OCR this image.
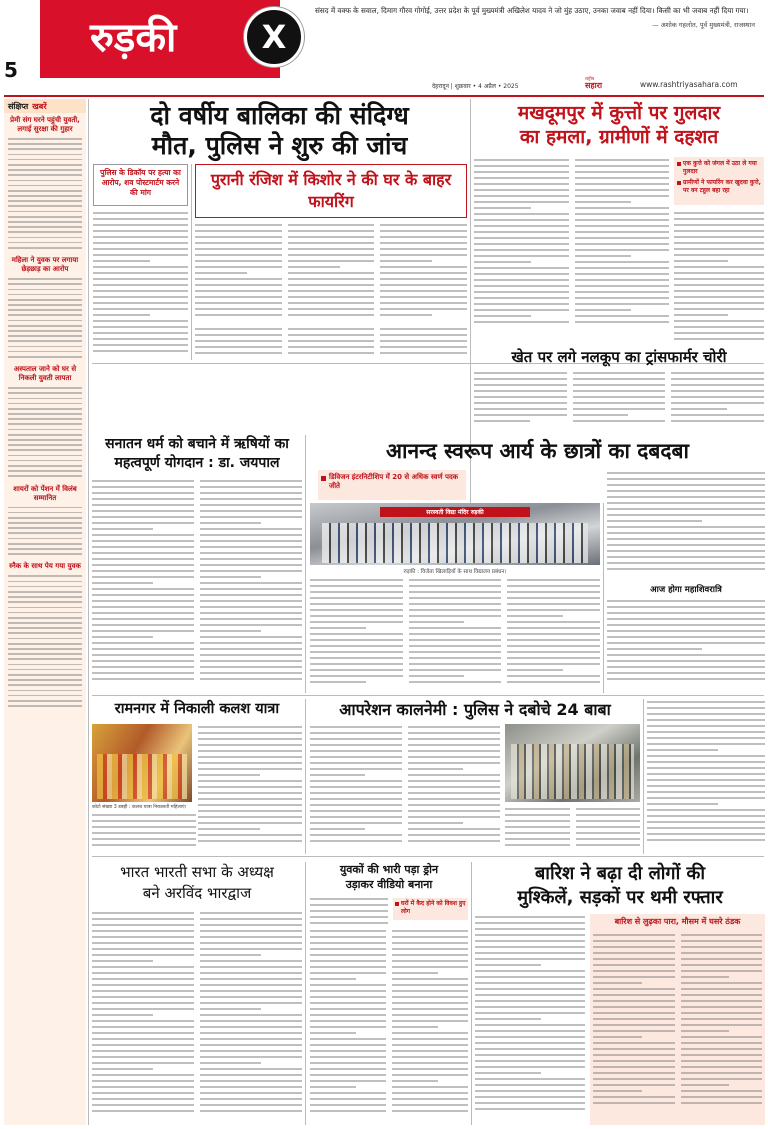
5
रुड़की	X
संसद में वक्फ के सवाल, दिमाग गौरव गोगोई, उत्तर प्रदेश के पूर्व मुख्यमंत्री अखिलेश यादव ने जो मुंह उठाए, उनका जवाब नहीं दिया। किसी का भी जवाब नहीं दिया गया।
— अशोक गहलोत, पूर्व मुख्यमंत्री, राजस्थान
देहरादून | शुक्रवार • 4 अप्रैल • 2025
राष्ट्रीय
सहारा	www.rashtriyasahara.com
संक्षिप्त खबरें
प्रेमी संग घरने पहुंची युवती, लगाई सुरक्षा की गुहार
महिला ने युवक पर लगाया छेड़छाड़ का आरोप
अस्पताल जाने को घर से निकली युवती लापता
शायरों को पेंशन में विलंब सम्मानित
स्नैक के साथ पेय गया युवक
दो वर्षीय बालिका की संदिग्ध
मौत, पुलिस ने शुरु की जांच
पुलिस के डिकॉय पर हत्या का आरोप, शव पोस्टमार्टम करने की मांग
पुरानी रंजिश में किशोर ने की घर के बाहर फायरिंग
मखदूमपुर में कुत्तों पर गुलदार
का हमला, ग्रामीणों में दहशत
एक कुत्ते को जंगल में उठा ले गया गुलदार
ग्रामीणों ने फायरिंग कर खुदवा कुत्ते, पर वन टहुल बहा रहा
खेत पर लगे नलकूप का ट्रांसफार्मर चोरी
सनातन धर्म को बचाने में ऋषियों का
महत्वपूर्ण योगदान : डा. जयपाल	आनन्द स्वरूप आर्य के छात्रों का दबदबा
डिविजन इंटरनिटीशिप में 20 से अधिक स्वर्ण पदक जीते
सरस्वती विद्या मंदिर रुड़की
रुड़की : विजेता खिलाड़ियों के साथ विद्यालय प्रबंधन।
आज होगा महाशिवरात्रि
रामनगर में निकाली कलश यात्रा
कोटो संख्या 3 डबही : कलश यात्रा निकालती महिलाएं।
आपरेशन कालनेमी : पुलिस ने दबोचे 24 बाबा
भारत भारती सभा के अध्यक्ष
बने अरविंद भारद्वाज
युवकों की भारी पड़ा ड्रोन
उड़ाकर वीडियो बनाना
घरों में कैद होने को विवश हुए लोग
बारिश ने बढ़ा दी लोगों की
मुश्किलें, सड़कों पर थमी रफ्तार
बारिश से लुढ़का पारा, मौसम में घसरे ठंडक
